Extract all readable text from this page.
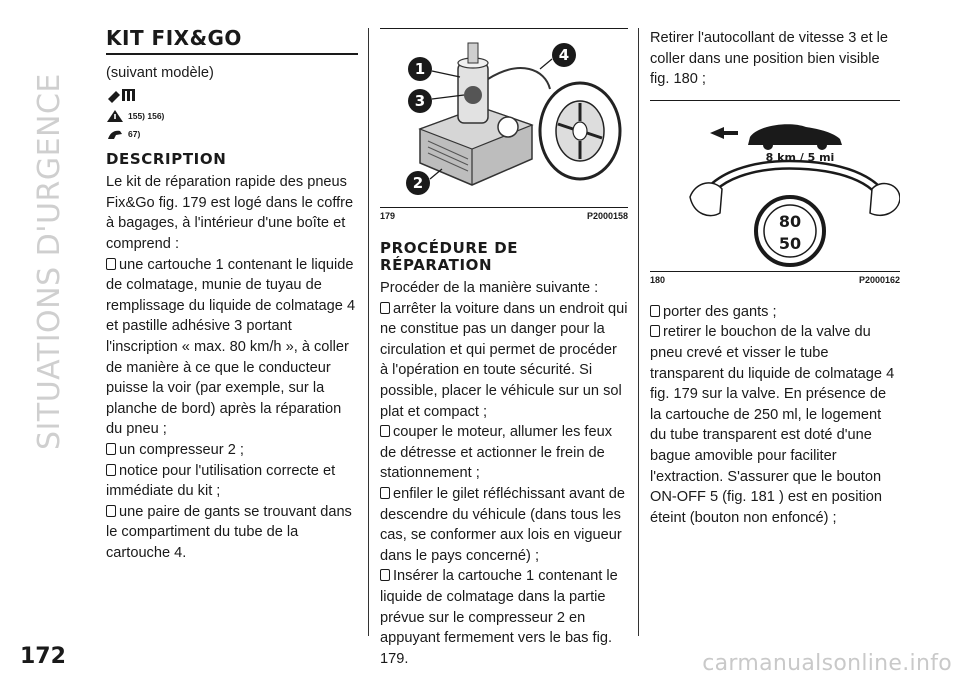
SITUATIONS D'URGENCE
172	carmanualsonline.info
KIT FIX&GO

(suivant modèle)

155) 156)
67)
DESCRIPTION

Le kit de réparation rapide des pneus Fix&Go fig. 179 est logé dans le coffre à bagages, à l'intérieur d'une boîte et comprend :

une cartouche 1 contenant le liquide de colmatage, munie de tuyau de remplissage du liquide de colmatage 4 et pastille adhésive 3 portant l'inscription « max. 80 km/h », à coller de manière à ce que le conducteur puisse la voir (par exemple, sur la planche de bord) après la réparation du pneu ;

un compresseur 2 ;

notice pour l'utilisation correcte et immédiate du kit ;

une paire de gants se trouvant dans le compartiment du tube de la cartouche 4.

1
3
2
4
179	P2000158
PROCÉDURE DE
RÉPARATION

Procéder de la manière suivante :

arrêter la voiture dans un endroit qui ne constitue pas un danger pour la circulation et qui permet de procéder à l'opération en toute sécurité. Si possible, placer le véhicule sur un sol plat et compact ;

couper le moteur, allumer les feux de détresse et actionner le frein de stationnement ;

enfiler le gilet réfléchissant avant de descendre du véhicule (dans tous les cas, se conformer aux lois en vigueur dans le pays concerné) ;

Insérer la cartouche 1 contenant le liquide de colmatage dans la partie prévue sur le compresseur 2 en appuyant fermement vers le bas fig. 179.

Retirer l'autocollant de vitesse 3 et le coller dans une position bien visible fig. 180 ;

8 km / 5 mi
80
50
180	P2000162

porter des gants ;

retirer le bouchon de la valve du pneu crevé et visser le tube transparent du liquide de colmatage 4 fig. 179 sur la valve. En présence de la cartouche de 250 ml, le logement du tube transparent est doté d'une bague amovible pour faciliter l'extraction. S'assurer que le bouton ON-OFF 5 (fig. 181 ) est en position éteint (bouton non enfoncé) ;
